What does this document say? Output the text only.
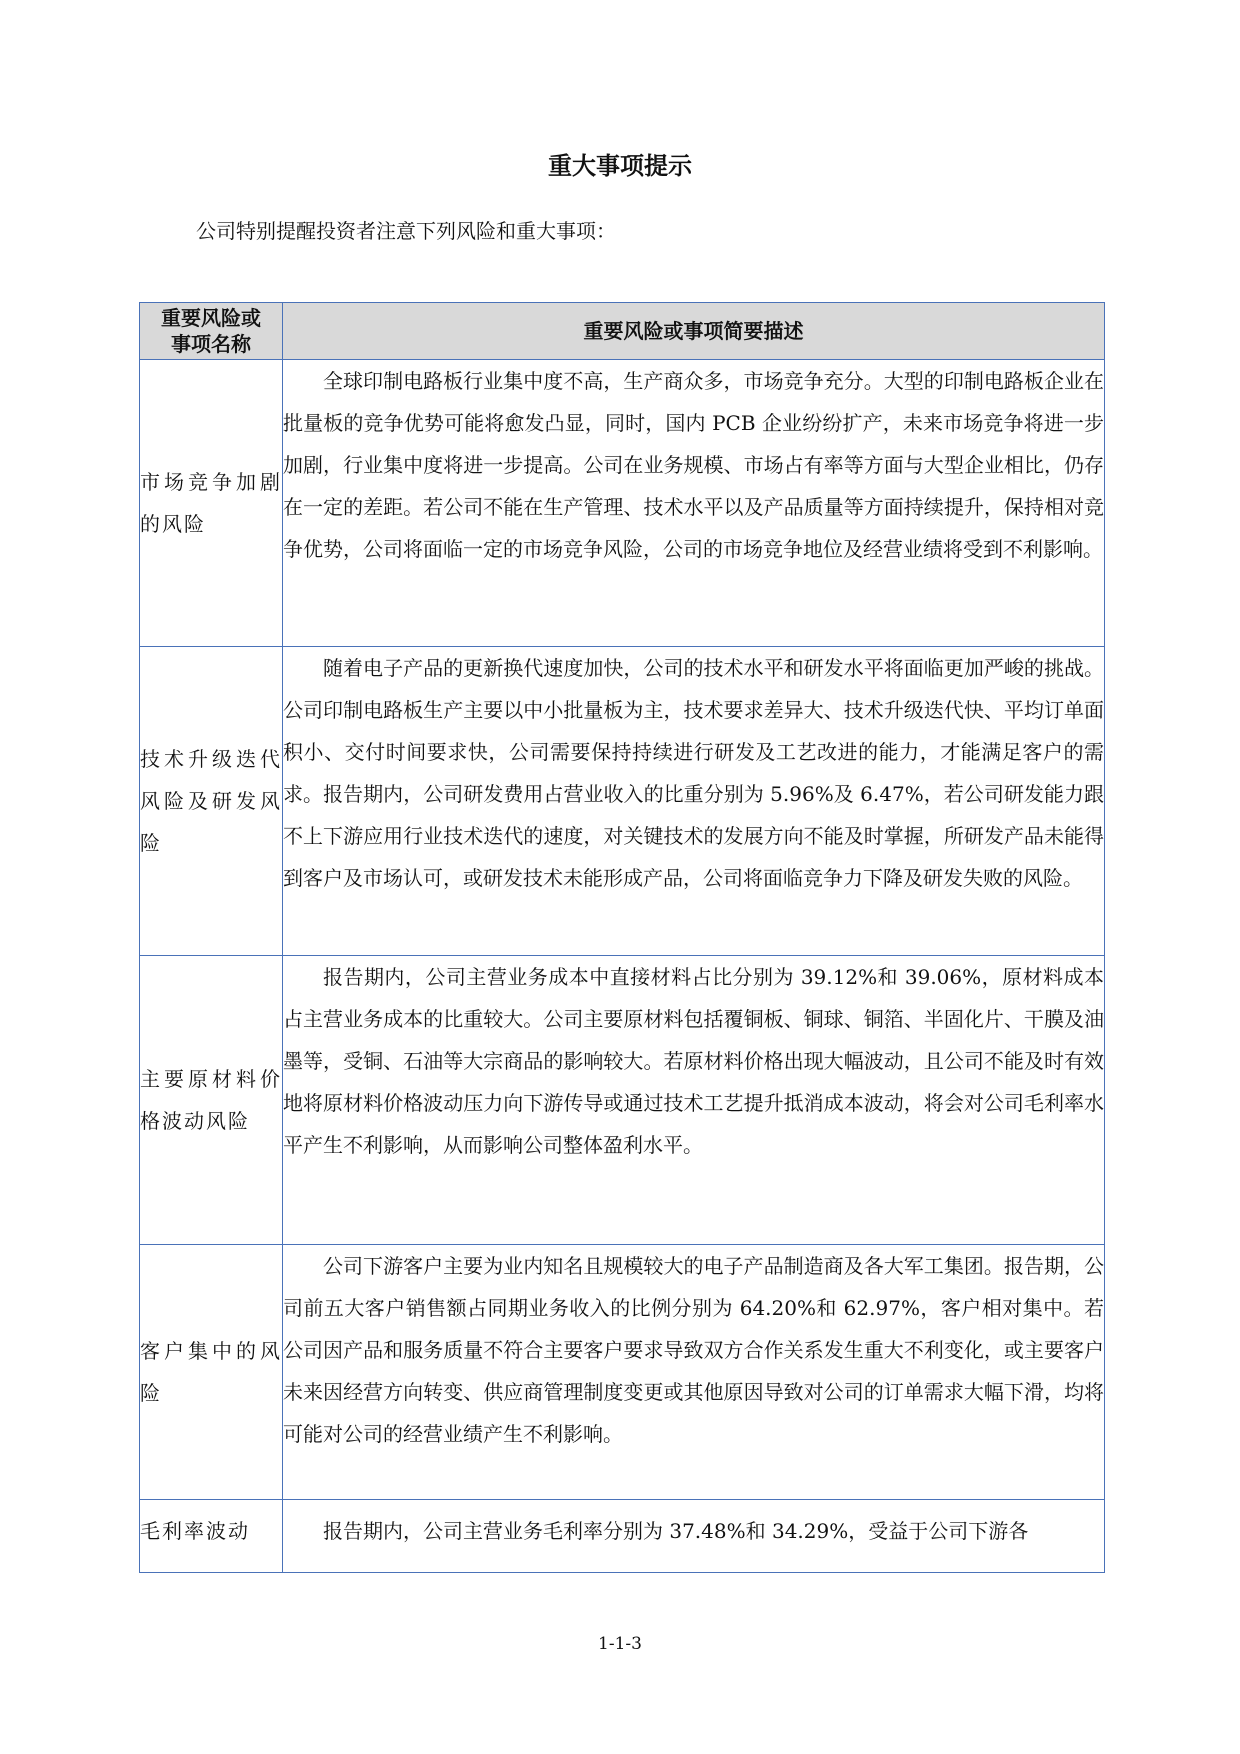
重大事项提示
公司特别提醒投资者注意下列风险和重大事项：
重要风险或事项名称	重要风险或事项简要描述
市场竞争加剧的风险	全球印制电路板行业集中度不高，生产商众多，市场竞争充分。大型的印制电路板企业在批量板的竞争优势可能将愈发凸显，同时，国内 PCB 企业纷纷扩产，未来市场竞争将进一步加剧，行业集中度将进一步提高。公司在业务规模、市场占有率等方面与大型企业相比，仍存在一定的差距。若公司不能在生产管理、技术水平以及产品质量等方面持续提升，保持相对竞争优势，公司将面临一定的市场竞争风险，公司的市场竞争地位及经营业绩将受到不利影响。

技术升级迭代风险及研发风险	随着电子产品的更新换代速度加快，公司的技术水平和研发水平将面临更加严峻的挑战。公司印制电路板生产主要以中小批量板为主，技术要求差异大、技术升级迭代快、平均订单面积小、交付时间要求快，公司需要保持持续进行研发及工艺改进的能力，才能满足客户的需求。报告期内，公司研发费用占营业收入的比重分别为 5.96%及 6.47%，若公司研发能力跟不上下游应用行业技术迭代的速度，对关键技术的发展方向不能及时掌握，所研发产品未能得到客户及市场认可，或研发技术未能形成产品，公司将面临竞争力下降及研发失败的风险。

主要原材料价格波动风险	报告期内，公司主营业务成本中直接材料占比分别为 39.12%和 39.06%，原材料成本占主营业务成本的比重较大。公司主要原材料包括覆铜板、铜球、铜箔、半固化片、干膜及油墨等，受铜、石油等大宗商品的影响较大。若原材料价格出现大幅波动，且公司不能及时有效地将原材料价格波动压力向下游传导或通过技术工艺提升抵消成本波动，将会对公司毛利率水平产生不利影响，从而影响公司整体盈利水平。

客户集中的风险	公司下游客户主要为业内知名且规模较大的电子产品制造商及各大军工集团。报告期，公司前五大客户销售额占同期业务收入的比例分别为 64.20%和 62.97%，客户相对集中。若公司因产品和服务质量不符合主要客户要求导致双方合作关系发生重大不利变化，或主要客户未来因经营方向转变、供应商管理制度变更或其他原因导致对公司的订单需求大幅下滑，均将可能对公司的经营业绩产生不利影响。

毛利率波动	报告期内，公司主营业务毛利率分别为 37.48%和 34.29%，受益于公司下游各

1-1-3
